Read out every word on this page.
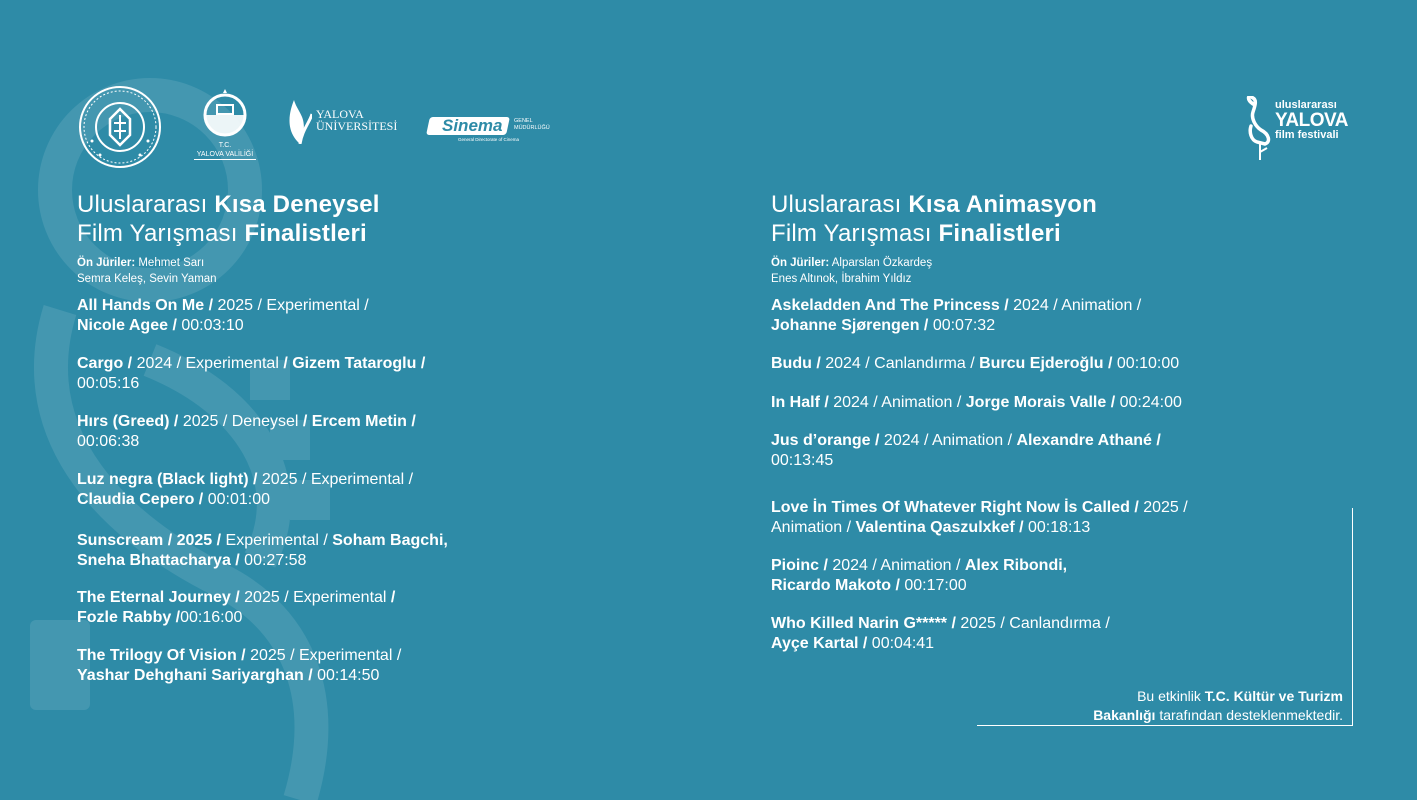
T.C.
YALOVA VALİLİĞİ
YALOVA
ÜNİVERSİTESİ	Sinema GENEL
MÜDÜRLÜĞÜ
General Directorate of Cinema
uluslararası
YALOVA
film festivali
Uluslararası Kısa Deneysel
Film Yarışması Finalistleri
Ön Jüriler: Mehmet Sarı
Semra Keleş, Sevin Yaman
All Hands On Me / 2025 / Experimental /
Nicole Agee / 00:03:10
Cargo / 2024 / Experimental / Gizem Tataroglu /
00:05:16
Hırs (Greed) / 2025 / Deneysel / Ercem Metin /
00:06:38
Luz negra (Black light) / 2025 / Experimental /
Claudia Cepero / 00:01:00
Sunscream / 2025 / Experimental / Soham Bagchi,
Sneha Bhattacharya / 00:27:58
The Eternal Journey / 2025 / Experimental /
Fozle Rabby /00:16:00
The Trilogy Of Vision / 2025 / Experimental /
Yashar Dehghani Sariyarghan / 00:14:50
Uluslararası Kısa Animasyon
Film Yarışması Finalistleri
Ön Jüriler: Alparslan Özkardeş
Enes Altınok, İbrahim Yıldız
Askeladden And The Princess / 2024 / Animation /
Johanne Sjørengen / 00:07:32
Budu / 2024 / Canlandırma / Burcu Ejderoğlu / 00:10:00
In Half / 2024 / Animation / Jorge Morais Valle / 00:24:00
Jus d’orange / 2024 / Animation / Alexandre Athané /
00:13:45
Love İn Times Of Whatever Right Now İs Called / 2025 /
Animation / Valentina Qaszulxkef / 00:18:13
Pioinc / 2024 / Animation / Alex Ribondi,
Ricardo Makoto / 00:17:00
Who Killed Narin G***** / 2025 / Canlandırma /
Ayçe Kartal / 00:04:41
Bu etkinlik T.C. Kültür ve Turizm
Bakanlığı tarafından desteklenmektedir.
